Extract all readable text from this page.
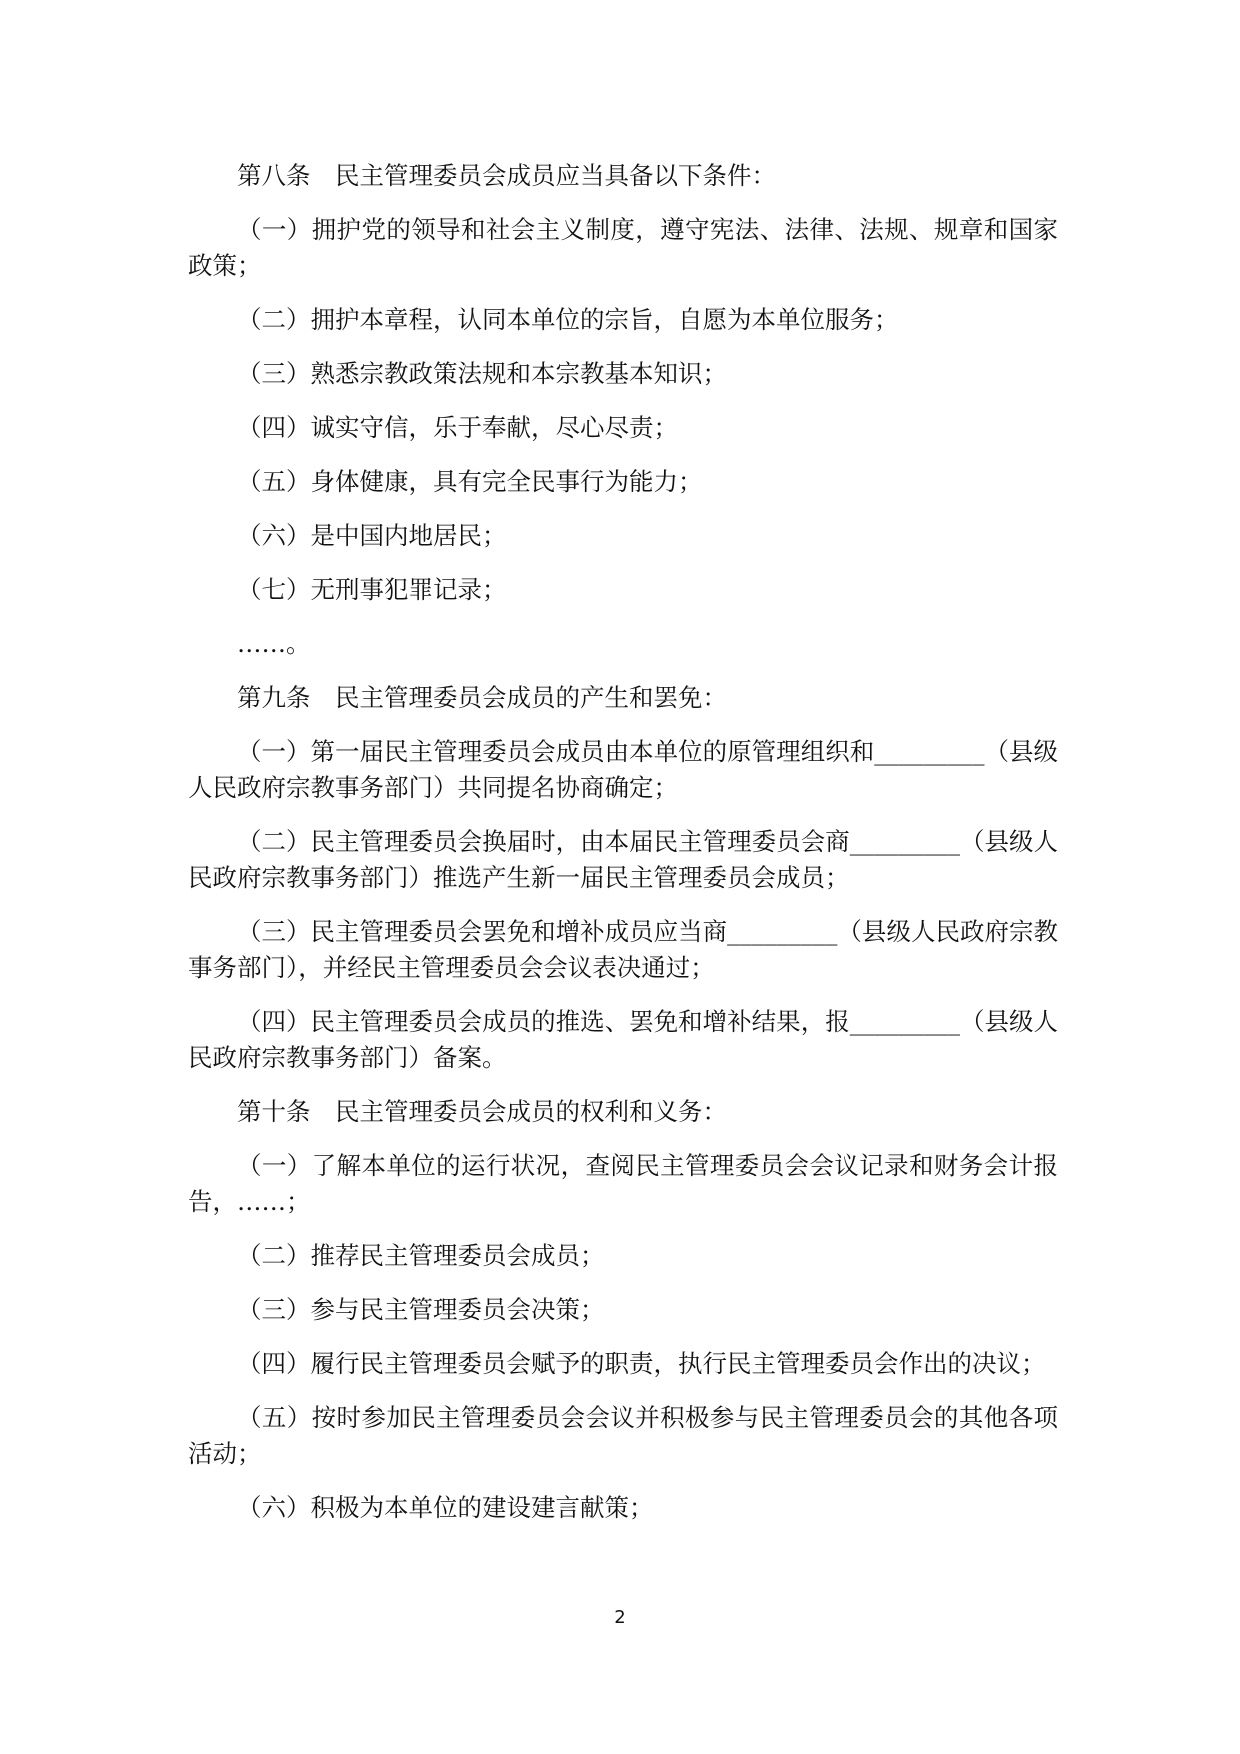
第八条　民主管理委员会成员应当具备以下条件：

（一）拥护党的领导和社会主义制度，遵守宪法、法律、法规、规章和国家政策；

（二）拥护本章程，认同本单位的宗旨，自愿为本单位服务；

（三）熟悉宗教政策法规和本宗教基本知识；

（四）诚实守信，乐于奉献，尽心尽责；

（五）身体健康，具有完全民事行为能力；

（六）是中国内地居民；

（七）无刑事犯罪记录；

……。

第九条　民主管理委员会成员的产生和罢免：

（一）第一届民主管理委员会成员由本单位的原管理组织和_________（县级人民政府宗教事务部门）共同提名协商确定；

（二）民主管理委员会换届时，由本届民主管理委员会商_________（县级人民政府宗教事务部门）推选产生新一届民主管理委员会成员；

（三）民主管理委员会罢免和增补成员应当商_________（县级人民政府宗教事务部门），并经民主管理委员会会议表决通过；

（四）民主管理委员会成员的推选、罢免和增补结果，报_________（县级人民政府宗教事务部门）备案。

第十条　民主管理委员会成员的权利和义务：

（一）了解本单位的运行状况，查阅民主管理委员会会议记录和财务会计报告，……；

（二）推荐民主管理委员会成员；

（三）参与民主管理委员会决策；

（四）履行民主管理委员会赋予的职责，执行民主管理委员会作出的决议；

（五）按时参加民主管理委员会会议并积极参与民主管理委员会的其他各项活动；

（六）积极为本单位的建设建言献策；

2
